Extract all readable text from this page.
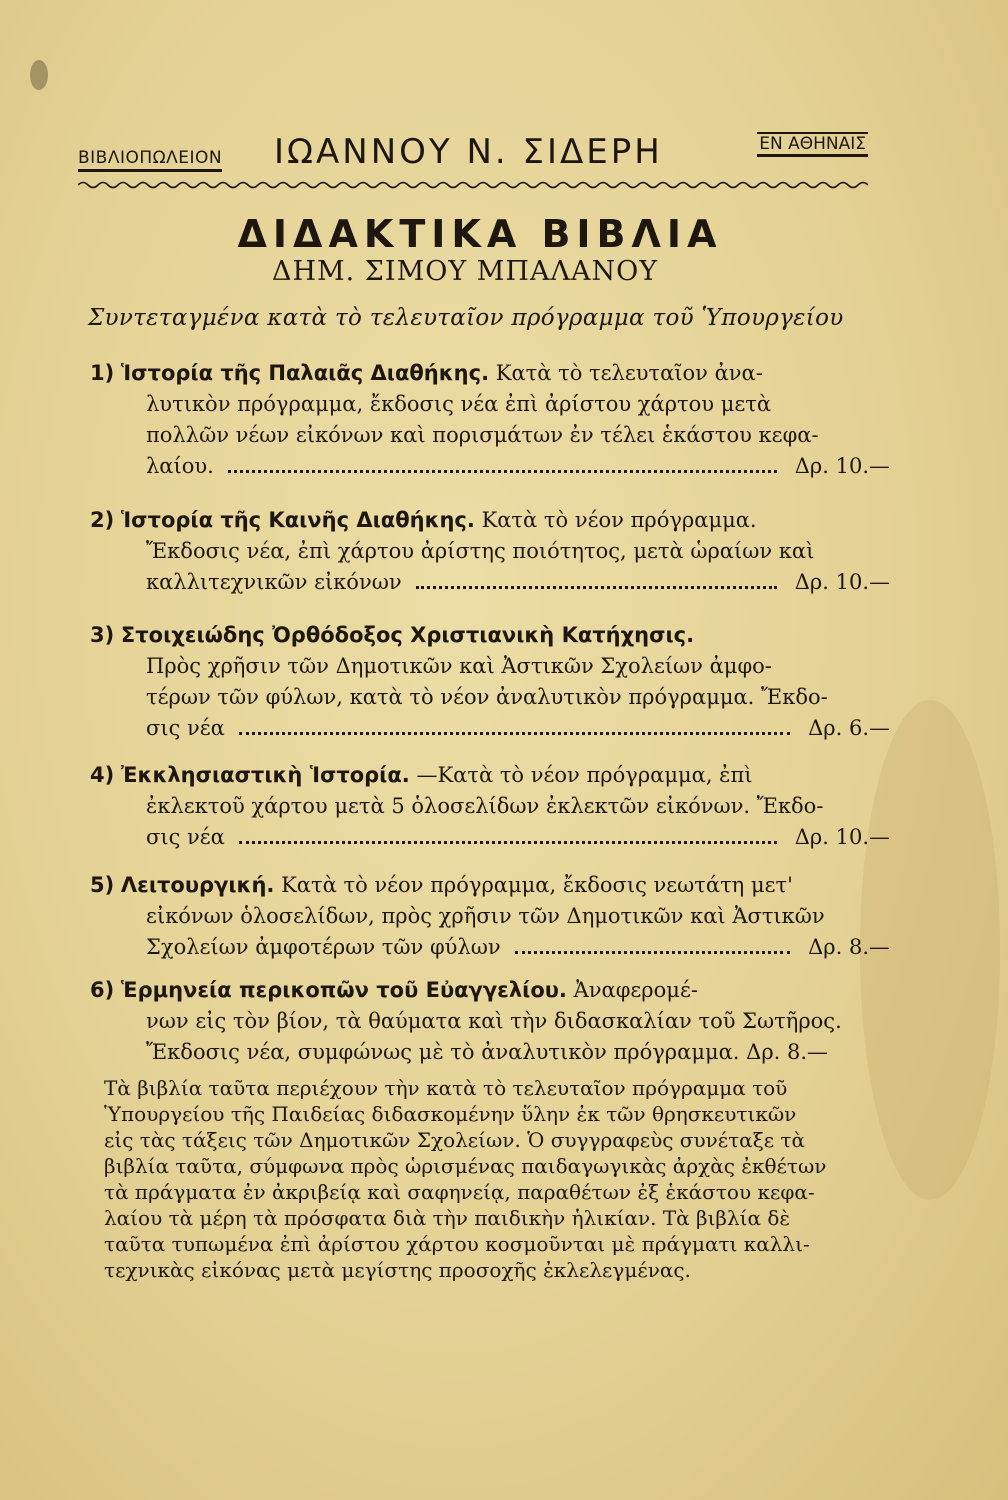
ΒΙΒΛΙΟΠΩΛΕΙΟΝ ΙΩΑΝΝΟΥ Ν. ΣΙΔΕΡΗ	ΕΝ ΑΘΗΝΑΙΣ
ΔΙΔΑΚΤΙΚΑ ΒΙΒΛΙΑ
ΔΗΜ. ΣΙΜΟΥ ΜΠΑΛΑΝΟΥ
Συντεταγμένα κατὰ τὸ τελευταῖον πρόγραμμα τοῦ Ὑπουργείου
1) Ἱστορία τῆς Παλαιᾶς Διαθήκης. Κατὰ τὸ τελευταῖον ἀνα-
λυτικὸν πρόγραμμα, ἔκδοσις νέα ἐπὶ ἀρίστου χάρτου μετὰ
πολλῶν νέων εἰκόνων καὶ πορισμάτων ἐν τέλει ἑκάστου κεφα-
λαίου.	Δρ. 10.—
2) Ἱστορία τῆς Καινῆς Διαθήκης. Κατὰ τὸ νέον πρόγραμμα.
Ἔκδοσις νέα, ἐπὶ χάρτου ἀρίστης ποιότητος, μετὰ ὡραίων καὶ
καλλιτεχνικῶν εἰκόνων	Δρ. 10.—
3) Στοιχειώδης Ὀρθόδοξος Χριστιανικὴ Κατήχησις.
Πρὸς χρῆσιν τῶν Δημοτικῶν καὶ Ἀστικῶν Σχολείων ἀμφο-
τέρων τῶν φύλων, κατὰ τὸ νέον ἀναλυτικὸν πρόγραμμα. Ἔκδο-
σις νέα	Δρ. 6.—
4) Ἐκκλησιαστικὴ Ἱστορία. —Κατὰ τὸ νέον πρόγραμμα, ἐπὶ
ἐκλεκτοῦ χάρτου μετὰ 5 ὁλοσελίδων ἐκλεκτῶν εἰκόνων. Ἔκδο-
σις νέα	Δρ. 10.—
5) Λειτουργική. Κατὰ τὸ νέον πρόγραμμα, ἔκδοσις νεωτάτη μετ'
εἰκόνων ὁλοσελίδων, πρὸς χρῆσιν τῶν Δημοτικῶν καὶ Ἀστικῶν
Σχολείων ἀμφοτέρων τῶν φύλων	Δρ. 8.—
6) Ἑρμηνεία περικοπῶν τοῦ Εὐαγγελίου. Ἀναφερομέ-
νων εἰς τὸν βίον, τὰ θαύματα καὶ τὴν διδασκαλίαν τοῦ Σωτῆρος.
Ἔκδοσις νέα, συμφώνως μὲ τὸ ἀναλυτικὸν πρόγραμμα. Δρ. 8.—
Τὰ βιβλία ταῦτα περιέχουν τὴν κατὰ τὸ τελευταῖον πρόγραμμα τοῦ
Ὑπουργείου τῆς Παιδείας διδασκομένην ὕλην ἐκ τῶν θρησκευτικῶν
εἰς τὰς τάξεις τῶν Δημοτικῶν Σχολείων. Ὁ συγγραφεὺς συνέταξε τὰ
βιβλία ταῦτα, σύμφωνα πρὸς ὡρισμένας παιδαγωγικὰς ἀρχὰς ἐκθέτων
τὰ πράγματα ἐν ἀκριβείᾳ καὶ σαφηνείᾳ, παραθέτων ἐξ ἑκάστου κεφα-
λαίου τὰ μέρη τὰ πρόσφατα διὰ τὴν παιδικὴν ἡλικίαν. Τὰ βιβλία δὲ
ταῦτα τυπωμένα ἐπὶ ἀρίστου χάρτου κοσμοῦνται μὲ πράγματι καλλι-
τεχνικὰς εἰκόνας μετὰ μεγίστης προσοχῆς ἐκλελεγμένας.
